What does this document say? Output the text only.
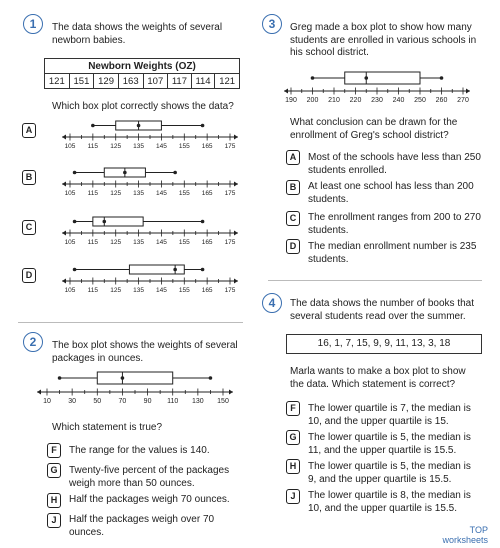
1	The data shows the weights of several newborn babies.
Newborn Weights (OZ)
121	151	129	163	107	117	114	121
Which box plot correctly shows the data?
A
105 115 125 135 145 155 165 175
B
105 115 125 135 145 155 165 175
C
105 115 125 135 145 155 165 175
D
105 115 125 135 145 155 165 175
2	The box plot shows the weights of several packages in ounces.
10 30 50 70 90 110 130 150
Which statement is true?
F	The range for the values is 140.
G	Twenty-five percent of the packages weigh more than 50 ounces.
H	Half the packages weigh 70 ounces.
J	Half the packages weigh over 70 ounces.
3	Greg made a box plot to show how many students are enrolled in various schools in his school district.
190 200 210 220 230 240 250 260 270
What conclusion can be drawn for the enrollment of Greg's school district?
A	Most of the schools have less than 250 students enrolled.
B	At least one school has less than 200 students.
C	The enrollment ranges from 200 to 270 students.
D	The median enrollment number is 235 students.
4	The data shows the number of books that several students read over the summer.
16, 1, 7, 15, 9, 9, 11, 13, 3, 18
Marla wants to make a box plot to show the data. Which statement is correct?
F	The lower quartile is 7, the median is 10, and the upper quartile is 15.
G	The lower quartile is 5, the median is 11, and the upper quartile is 15.5.
H	The lower quartile is 5, the median is 9, and the upper quartile is 15.5.
J	The lower quartile is 8, the median is 10, and the upper quartile is 15.5.
TOP
worksheets
